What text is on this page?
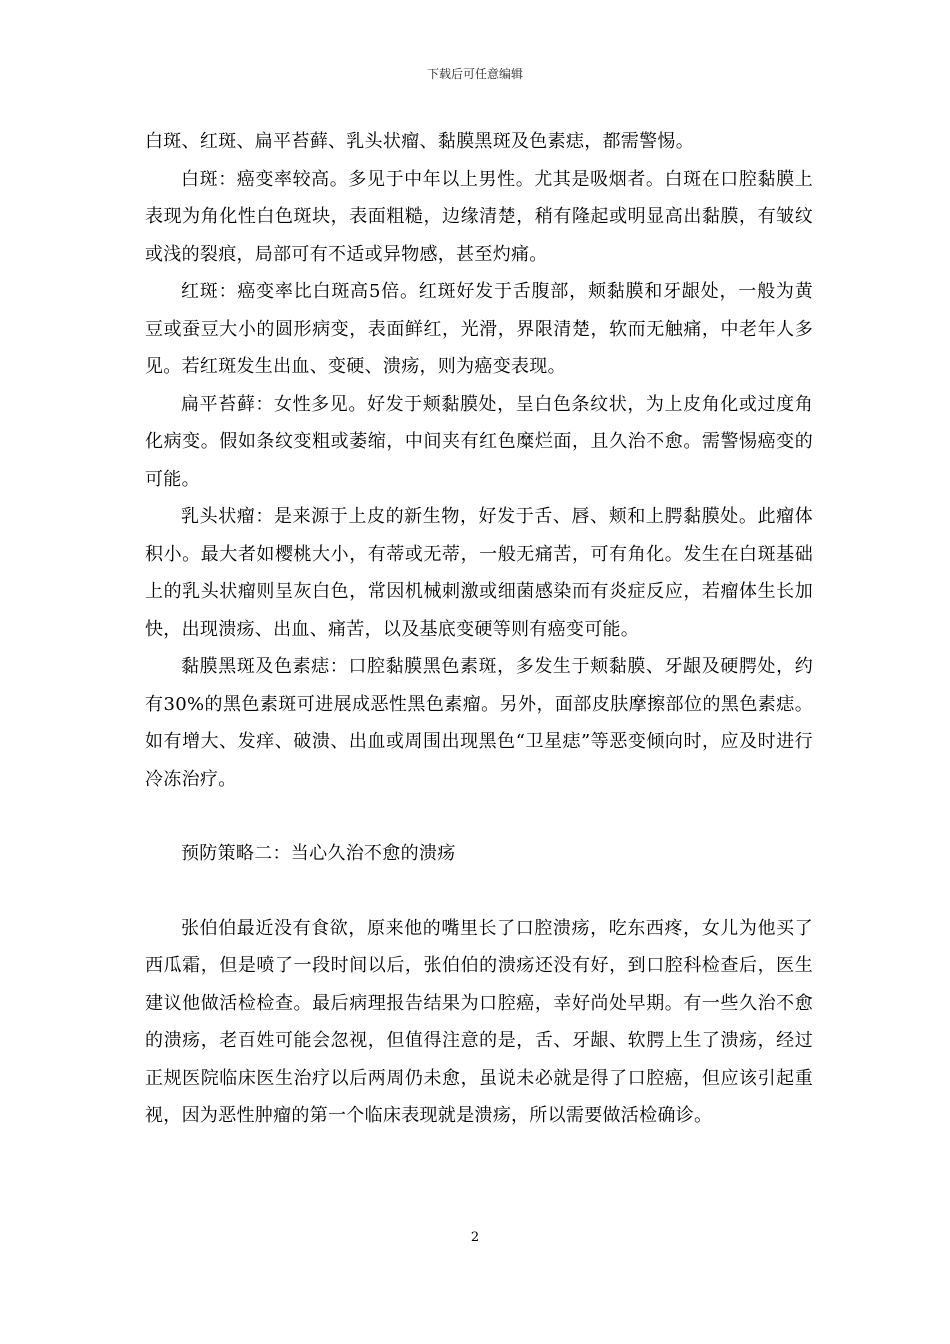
下载后可任意编辑

白斑、红斑、扁平苔藓、乳头状瘤、黏膜黑斑及色素痣，都需警惕。

白斑：癌变率较高。多见于中年以上男性。尤其是吸烟者。白斑在口腔黏膜上表现为角化性白色斑块，表面粗糙，边缘清楚，稍有隆起或明显高出黏膜，有皱纹或浅的裂痕，局部可有不适或异物感，甚至灼痛。

红斑：癌变率比白斑高5倍。红斑好发于舌腹部，颊黏膜和牙龈处，一般为黄豆或蚕豆大小的圆形病变，表面鲜红，光滑，界限清楚，软而无触痛，中老年人多见。若红斑发生出血、变硬、溃疡，则为癌变表现。

扁平苔藓：女性多见。好发于颊黏膜处，呈白色条纹状，为上皮角化或过度角化病变。假如条纹变粗或萎缩，中间夹有红色糜烂面，且久治不愈。需警惕癌变的可能。

乳头状瘤：是来源于上皮的新生物，好发于舌、唇、颊和上腭黏膜处。此瘤体积小。最大者如樱桃大小，有蒂或无蒂，一般无痛苦，可有角化。发生在白斑基础上的乳头状瘤则呈灰白色，常因机械刺激或细菌感染而有炎症反应，若瘤体生长加快，出现溃疡、出血、痛苦，以及基底变硬等则有癌变可能。

黏膜黑斑及色素痣：口腔黏膜黑色素斑，多发生于颊黏膜、牙龈及硬腭处，约有30%的黑色素斑可进展成恶性黑色素瘤。另外，面部皮肤摩擦部位的黑色素痣。如有增大、发痒、破溃、出血或周围出现黑色“卫星痣”等恶变倾向时，应及时进行冷冻治疗。

预防策略二：当心久治不愈的溃疡

张伯伯最近没有食欲，原来他的嘴里长了口腔溃疡，吃东西疼，女儿为他买了西瓜霜，但是喷了一段时间以后，张伯伯的溃疡还没有好，到口腔科检查后，医生建议他做活检检查。最后病理报告结果为口腔癌，幸好尚处早期。有一些久治不愈的溃疡，老百姓可能会忽视，但值得注意的是，舌、牙龈、软腭上生了溃疡，经过正规医院临床医生治疗以后两周仍未愈，虽说未必就是得了口腔癌，但应该引起重视，因为恶性肿瘤的第一个临床表现就是溃疡，所以需要做活检确诊。

2
